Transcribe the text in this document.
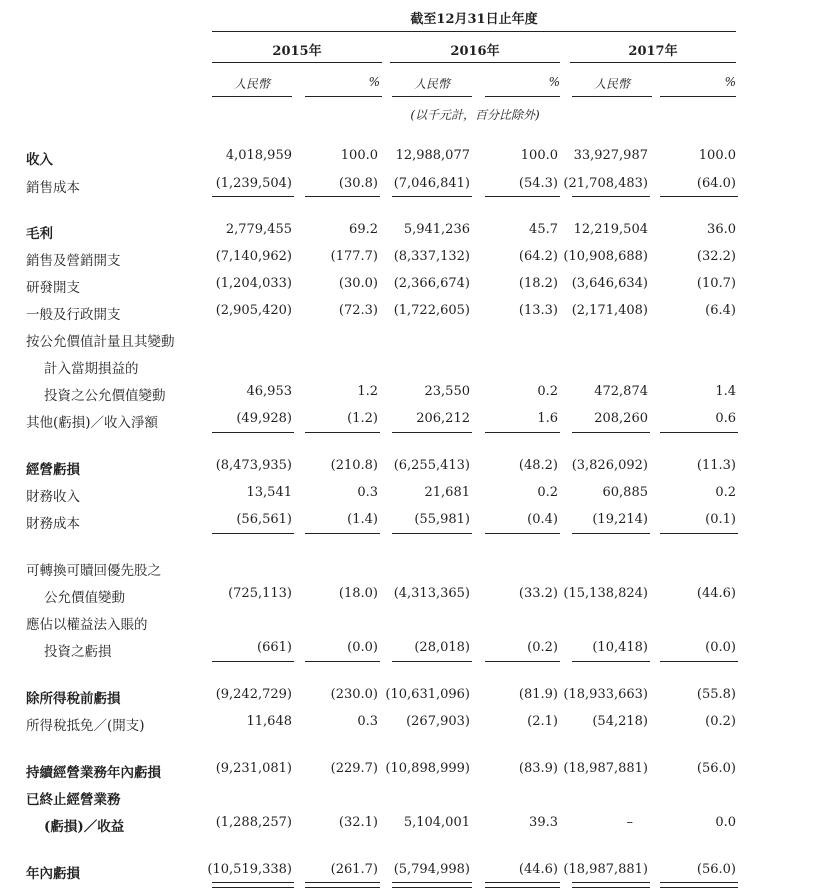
截至12月31日止年度
2015年	2016年	2017年
人民幣	%	人民幣	%	人民幣	%
(以千元計，百分比除外)
收入	4,018,959	100.0	12,988,077	100.0	33,927,987	100.0
銷售成本	(1,239,504)	(30.8)	(7,046,841)	(54.3) (21,708,483)	(64.0)
毛利	2,779,455	69.2	5,941,236	45.7	12,219,504	36.0
銷售及營銷開支	(7,140,962)	(177.7)	(8,337,132)	(64.2) (10,908,688)	(32.2)
研發開支	(1,204,033)	(30.0)	(2,366,674)	(18.2)	(3,646,634)	(10.7)
一般及行政開支	(2,905,420)	(72.3)	(1,722,605)	(13.3)	(2,171,408)	(6.4)
按公允價值計量且其變動
計入當期損益的
投資之公允價值變動	46,953	1.2	23,550	0.2	472,874	1.4
其他(虧損)／收入淨額	(49,928)	(1.2)	206,212	1.6	208,260	0.6
經營虧損	(8,473,935)	(210.8)	(6,255,413)	(48.2)	(3,826,092)	(11.3)
財務收入	13,541	0.3	21,681	0.2	60,885	0.2
財務成本	(56,561)	(1.4)	(55,981)	(0.4)	(19,214)	(0.1)
可轉換可贖回優先股之
公允價值變動	(725,113)	(18.0)	(4,313,365)	(33.2) (15,138,824)	(44.6)
應佔以權益法入賬的
投資之虧損	(661)	(0.0)	(28,018)	(0.2)	(10,418)	(0.0)
除所得稅前虧損	(9,242,729)	(230.0) (10,631,096)	(81.9) (18,933,663)	(55.8)
所得稅抵免／(開支)	11,648	0.3	(267,903)	(2.1)	(54,218)	(0.2)
持續經營業務年內虧損	(9,231,081)	(229.7) (10,898,999)	(83.9) (18,987,881)	(56.0)
已終止經營業務
(虧損)／收益	(1,288,257)	(32.1)	5,104,001	39.3	–	0.0
年內虧損	(10,519,338)	(261.7)	(5,794,998)	(44.6) (18,987,881)	(56.0)
